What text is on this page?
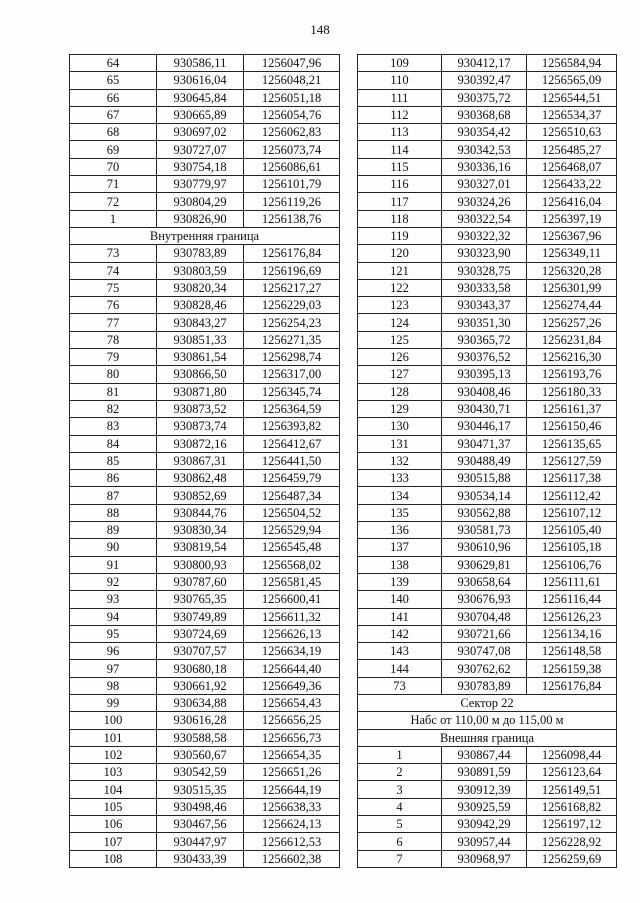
148
64	930586,11	1256047,96
65	930616,04	1256048,21
66	930645,84	1256051,18
67	930665,89	1256054,76
68	930697,02	1256062,83
69	930727,07	1256073,74
70	930754,18	1256086,61
71	930779,97	1256101,79
72	930804,29	1256119,26
1	930826,90	1256138,76
Внутренняя граница		
73	930783,89	1256176,84
74	930803,59	1256196,69
75	930820,34	1256217,27
76	930828,46	1256229,03
77	930843,27	1256254,23
78	930851,33	1256271,35
79	930861,54	1256298,74
80	930866,50	1256317,00
81	930871,80	1256345,74
82	930873,52	1256364,59
83	930873,74	1256393,82
84	930872,16	1256412,67
85	930867,31	1256441,50
86	930862,48	1256459,79
87	930852,69	1256487,34
88	930844,76	1256504,52
89	930830,34	1256529,94
90	930819,54	1256545,48
91	930800,93	1256568,02
92	930787,60	1256581,45
93	930765,35	1256600,41
94	930749,89	1256611,32
95	930724,69	1256626,13
96	930707,57	1256634,19
97	930680,18	1256644,40
98	930661,92	1256649,36
99	930634,88	1256654,43
100	930616,28	1256656,25
101	930588,58	1256656,73
102	930560,67	1256654,35
103	930542,59	1256651,26
104	930515,35	1256644,19
105	930498,46	1256638,33
106	930467,56	1256624,13
107	930447,97	1256612,53
108	930433,39	1256602,38
109	930412,17	1256584,94
110	930392,47	1256565,09
111	930375,72	1256544,51
112	930368,68	1256534,37
113	930354,42	1256510,63
114	930342,53	1256485,27
115	930336,16	1256468,07
116	930327,01	1256433,22
117	930324,26	1256416,04
118	930322,54	1256397,19
119	930322,32	1256367,96
120	930323,90	1256349,11
121	930328,75	1256320,28
122	930333,58	1256301,99
123	930343,37	1256274,44
124	930351,30	1256257,26
125	930365,72	1256231,84
126	930376,52	1256216,30
127	930395,13	1256193,76
128	930408,46	1256180,33
129	930430,71	1256161,37
130	930446,17	1256150,46
131	930471,37	1256135,65
132	930488,49	1256127,59
133	930515,88	1256117,38
134	930534,14	1256112,42
135	930562,88	1256107,12
136	930581,73	1256105,40
137	930610,96	1256105,18
138	930629,81	1256106,76
139	930658,64	1256111,61
140	930676,93	1256116,44
141	930704,48	1256126,23
142	930721,66	1256134,16
143	930747,08	1256148,58
144	930762,62	1256159,38
73	930783,89	1256176,84
Сектор 22		
Набс от 110,00 м до 115,00 м		
Внешняя граница		
1	930867,44	1256098,44
2	930891,59	1256123,64
3	930912,39	1256149,51
4	930925,59	1256168,82
5	930942,29	1256197,12
6	930957,44	1256228,92
7	930968,97	1256259,69
